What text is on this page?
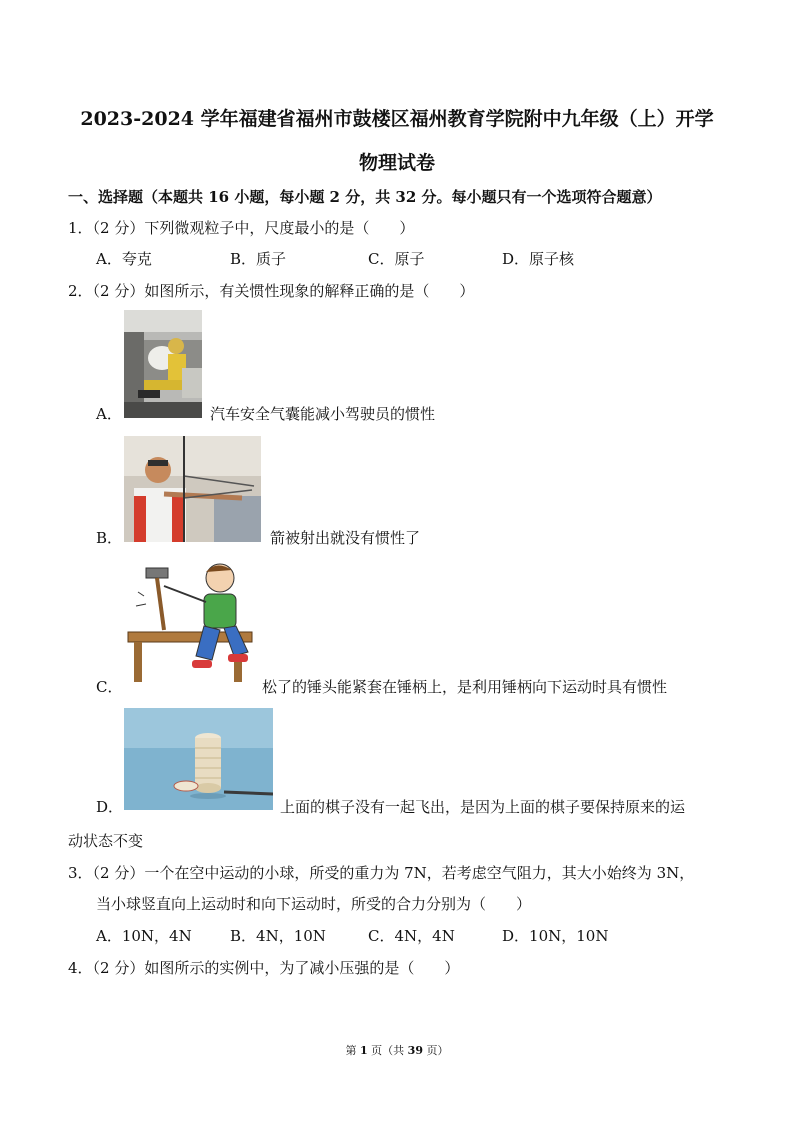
2023-2024 学年福建省福州市鼓楼区福州教育学院附中九年级（上）开学
物理试卷
一、选择题（本题共 16 小题，每小题 2 分，共 32 分。每小题只有一个选项符合题意）
1．（2 分）下列微观粒子中，尺度最小的是（　　）
A．夸克	B．质子	C．原子	D．原子核
2．（2 分）如图所示，有关惯性现象的解释正确的是（　　）
A．	汽车安全气囊能减小驾驶员的惯性
B．	箭被射出就没有惯性了
C．	松了的锤头能紧套在锤柄上，是利用锤柄向下运动时具有惯性
D．	上面的棋子没有一起飞出，是因为上面的棋子要保持原来的运
动状态不变
3．（2 分）一个在空中运动的小球，所受的重力为 7N，若考虑空气阻力，其大小始终为 3N，
当小球竖直向上运动时和向下运动时，所受的合力分别为（　　）
A．10N，4N	B．4N，10N	C．4N，4N	D．10N，10N
4．（2 分）如图所示的实例中，为了减小压强的是（　　）
第 1 页（共 39 页）
